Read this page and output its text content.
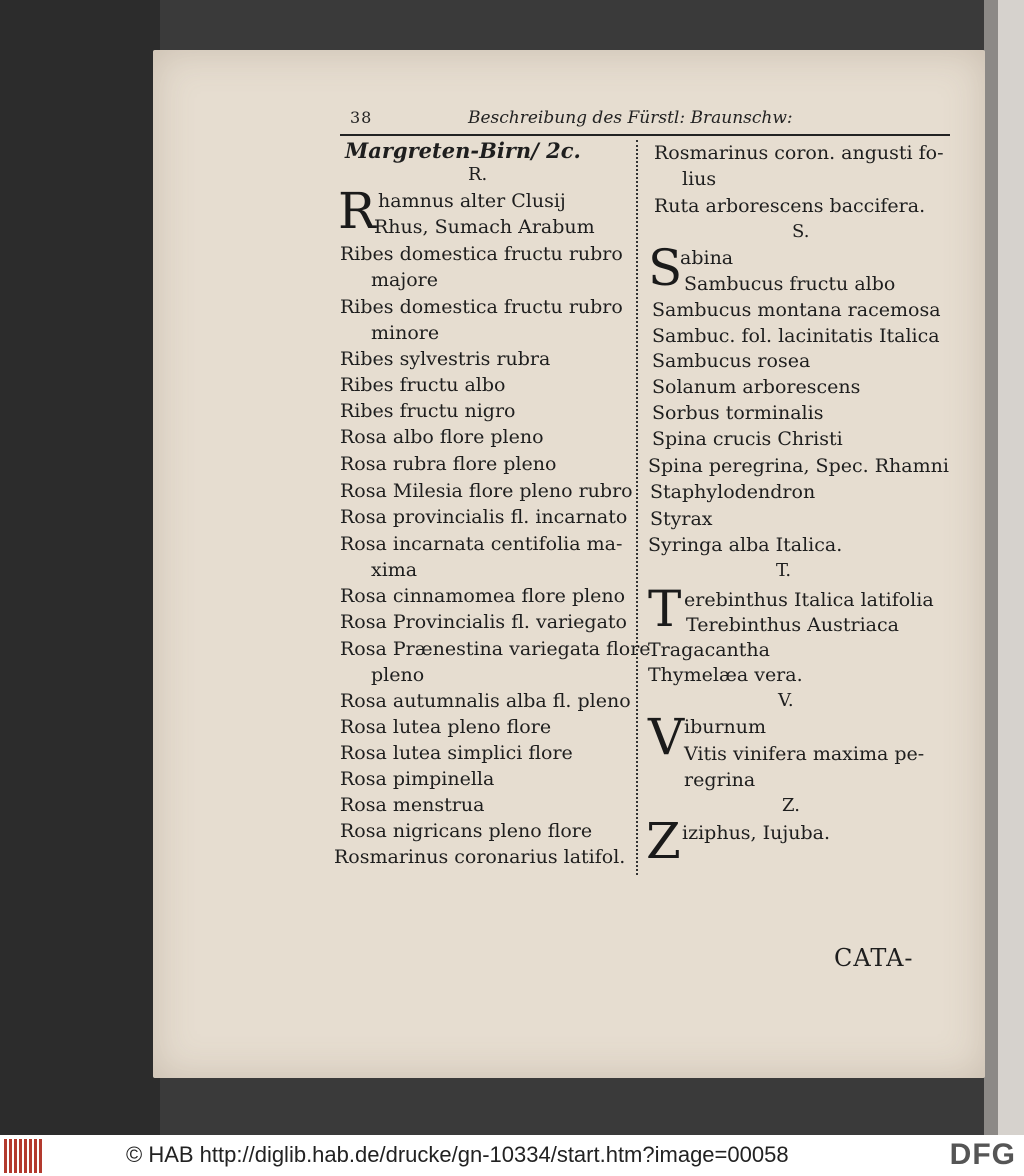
38	Beschreibung des Fürstl: Braunschw:
Margreten-Birn/ 2c.
R.
R hamnus alter Clusij
Rhus, Sumach Arabum
Ribes domestica fructu rubro
majore
Ribes domestica fructu rubro
minore
Ribes sylvestris rubra
Ribes fructu albo
Ribes fructu nigro
Rosa albo flore pleno
Rosa rubra flore pleno
Rosa Milesia flore pleno rubro
Rosa provincialis fl. incarnato
Rosa incarnata centifolia ma-
xima
Rosa cinnamomea flore pleno
Rosa Provincialis fl. variegato
Rosa Prænestina variegata flore
pleno
Rosa autumnalis alba fl. pleno
Rosa lutea pleno flore
Rosa lutea simplici flore
Rosa pimpinella
Rosa menstrua
Rosa nigricans pleno flore
Rosmarinus coronarius latifol.
Rosmarinus coron. angusti fo-
lius
Ruta arborescens baccifera.
S.
S
abina
Sambucus fructu albo
Sambucus montana racemosa
Sambuc. fol. lacinitatis Italica
Sambucus rosea
Solanum arborescens
Sorbus torminalis
Spina crucis Christi
Spina peregrina, Spec. Rhamni
Staphylodendron
Styrax
Syringa alba Italica.
T.
T erebinthus Italica latifolia
Terebinthus Austriaca
Tragacantha
Thymelæa vera.
V.
V iburnum
Vitis vinifera maxima pe-
regrina
Z.
Z iziphus, Iujuba.
CATA-
© HAB http://diglib.hab.de/drucke/gn-10334/start.htm?image=00058	DFG
